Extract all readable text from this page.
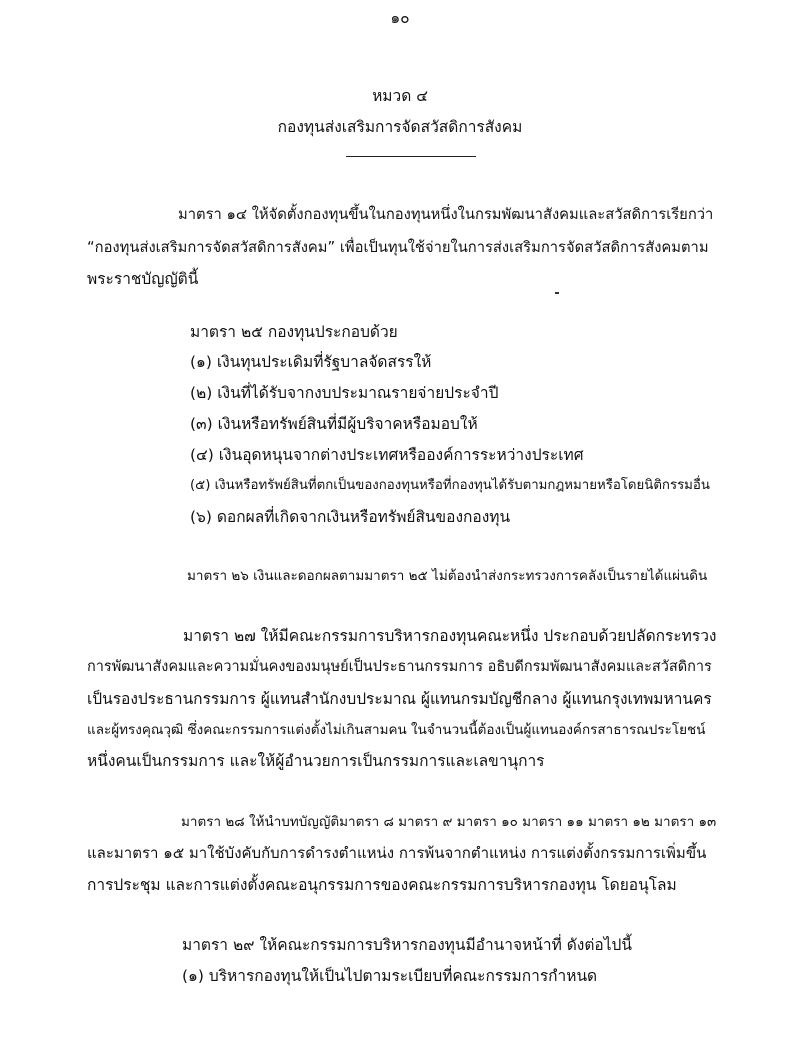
๑๐
หมวด ๔
กองทุนส่งเสริมการจัดสวัสดิการสังคม
มาตรา ๑๔ ให้จัดตั้งกองทุนขึ้นในกองทุนหนึ่งในกรมพัฒนาสังคมและสวัสดิการเรียกว่า
“กองทุนส่งเสริมการจัดสวัสดิการสังคม” เพื่อเป็นทุนใช้จ่ายในการส่งเสริมการจัดสวัสดิการสังคมตาม
พระราชบัญญัตินี้
มาตรา ๒๕ กองทุนประกอบด้วย
(๑) เงินทุนประเดิมที่รัฐบาลจัดสรรให้
(๒) เงินที่ได้รับจากงบประมาณรายจ่ายประจำปี
(๓) เงินหรือทรัพย์สินที่มีผู้บริจาคหรือมอบให้
(๔) เงินอุดหนุนจากต่างประเทศหรือองค์การระหว่างประเทศ
(๕) เงินหรือทรัพย์สินที่ตกเป็นของกองทุนหรือที่กองทุนได้รับตามกฎหมายหรือโดยนิติกรรมอื่น
(๖) ดอกผลที่เกิดจากเงินหรือทรัพย์สินของกองทุน
มาตรา ๒๖ เงินและดอกผลตามมาตรา ๒๕ ไม่ต้องนำส่งกระทรวงการคลังเป็นรายได้แผ่นดิน
มาตรา ๒๗ ให้มีคณะกรรมการบริหารกองทุนคณะหนึ่ง ประกอบด้วยปลัดกระทรวง
การพัฒนาสังคมและความมั่นคงของมนุษย์เป็นประธานกรรมการ อธิบดีกรมพัฒนาสังคมและสวัสดิการ
เป็นรองประธานกรรมการ ผู้แทนสำนักงบประมาณ ผู้แทนกรมบัญชีกลาง ผู้แทนกรุงเทพมหานคร
และผู้ทรงคุณวุฒิ ซึ่งคณะกรรมการแต่งตั้งไม่เกินสามคน ในจำนวนนี้ต้องเป็นผู้แทนองค์กรสาธารณประโยชน์
หนึ่งคนเป็นกรรมการ และให้ผู้อำนวยการเป็นกรรมการและเลขานุการ
มาตรา ๒๘ ให้นำบทบัญญัติมาตรา ๘ มาตรา ๙ มาตรา ๑๐ มาตรา ๑๑ มาตรา ๑๒ มาตรา ๑๓
และมาตรา ๑๕ มาใช้บังคับกับการดำรงตำแหน่ง การพ้นจากตำแหน่ง การแต่งตั้งกรรมการเพิ่มขึ้น
การประชุม และการแต่งตั้งคณะอนุกรรมการของคณะกรรมการบริหารกองทุน โดยอนุโลม
มาตรา ๒๙ ให้คณะกรรมการบริหารกองทุนมีอำนาจหน้าที่ ดังต่อไปนี้
(๑) บริหารกองทุนให้เป็นไปตามระเบียบที่คณะกรรมการกำหนด
